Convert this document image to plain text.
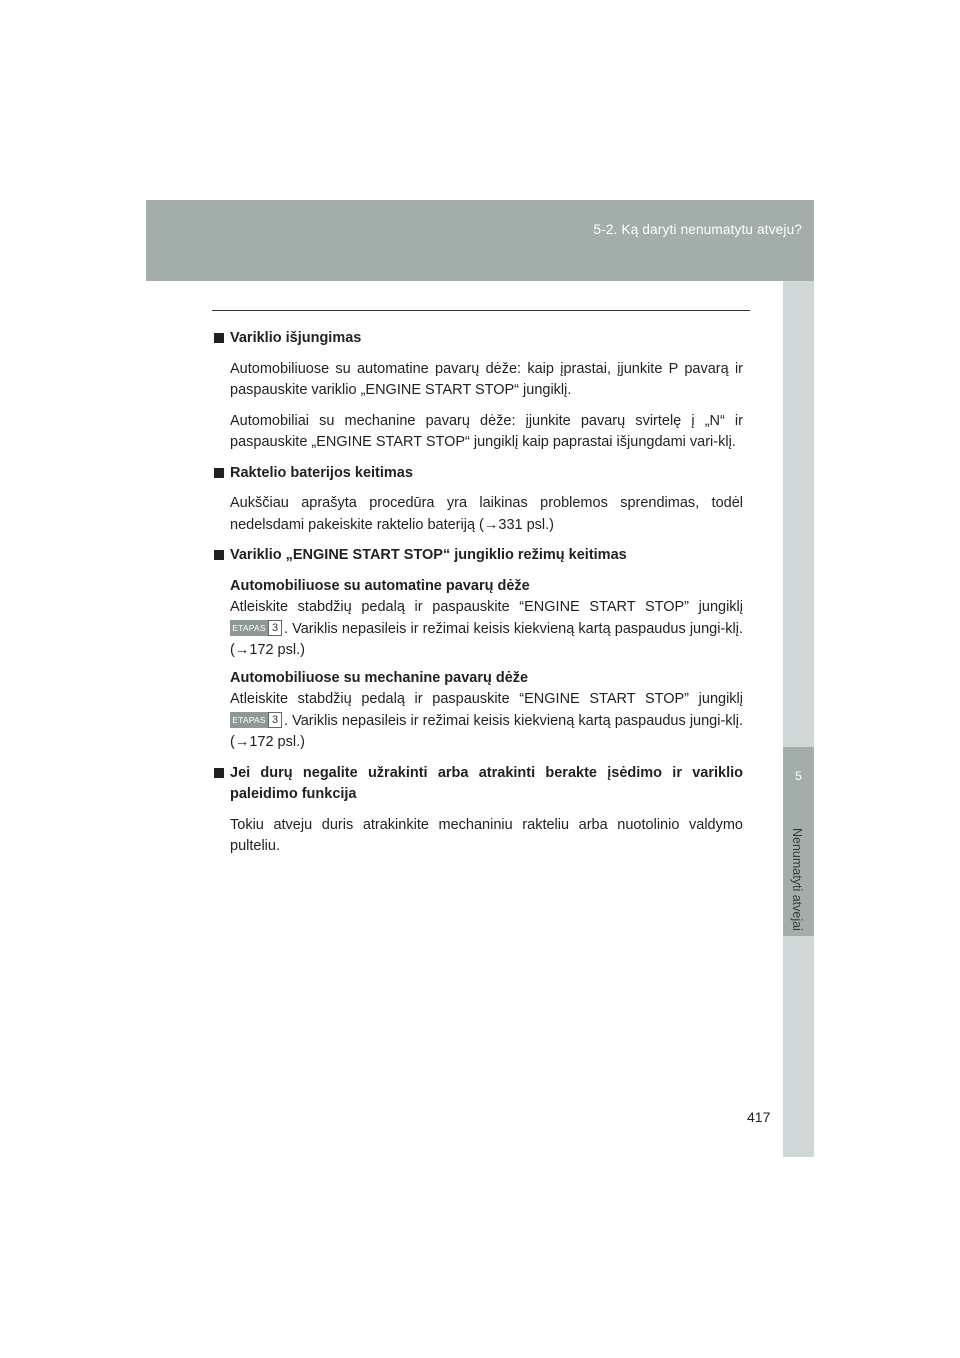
5-2. Ką daryti nenumatytu atveju?
5
Nenumatyti atvejai
Variklio išjungimas

Automobiliuose su automatine pavarų dėže: kaip įprastai, įjunkite P pavarą ir paspauskite variklio „ENGINE START STOP“ jungiklį.

Automobiliai su mechanine pavarų dėže: įjunkite pavarų svirtelę į „N“ ir paspauskite „ENGINE START STOP“ jungiklį kaip paprastai išjungdami vari-klį.

Raktelio baterijos keitimas

Aukščiau aprašyta procedūra yra laikinas problemos sprendimas, todėl nedelsdami pakeiskite raktelio bateriją (→331 psl.)

Variklio „ENGINE START STOP“ jungiklio režimų keitimas
Automobiliuose su automatine pavarų dėže

Atleiskite stabdžių pedalą ir paspauskite “ENGINE START STOP” jungiklį
ETAPAS 3 . Variklis nepasileis ir režimai keisis kiekvieną kartą paspaudus jungi-klį. (→172 psl.)

Automobiliuose su mechanine pavarų dėže

Atleiskite stabdžių pedalą ir paspauskite “ENGINE START STOP” jungiklį
ETAPAS 3 . Variklis nepasileis ir režimai keisis kiekvieną kartą paspaudus jungi-klį. (→172 psl.)

Jei durų negalite užrakinti arba atrakinti berakte įsėdimo ir variklio paleidimo funkcija

Tokiu atveju duris atrakinkite mechaniniu rakteliu arba nuotolinio valdymo pulteliu.

417
